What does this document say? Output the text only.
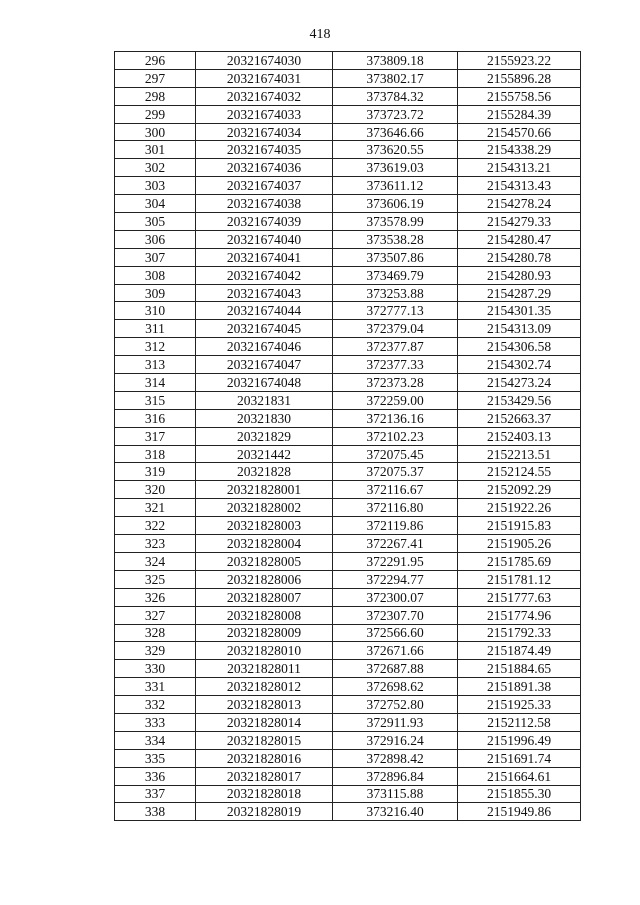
418
296	20321674030	373809.18	2155923.22
297	20321674031	373802.17	2155896.28
298	20321674032	373784.32	2155758.56
299	20321674033	373723.72	2155284.39
300	20321674034	373646.66	2154570.66
301	20321674035	373620.55	2154338.29
302	20321674036	373619.03	2154313.21
303	20321674037	373611.12	2154313.43
304	20321674038	373606.19	2154278.24
305	20321674039	373578.99	2154279.33
306	20321674040	373538.28	2154280.47
307	20321674041	373507.86	2154280.78
308	20321674042	373469.79	2154280.93
309	20321674043	373253.88	2154287.29
310	20321674044	372777.13	2154301.35
311	20321674045	372379.04	2154313.09
312	20321674046	372377.87	2154306.58
313	20321674047	372377.33	2154302.74
314	20321674048	372373.28	2154273.24
315	20321831	372259.00	2153429.56
316	20321830	372136.16	2152663.37
317	20321829	372102.23	2152403.13
318	20321442	372075.45	2152213.51
319	20321828	372075.37	2152124.55
320	20321828001	372116.67	2152092.29
321	20321828002	372116.80	2151922.26
322	20321828003	372119.86	2151915.83
323	20321828004	372267.41	2151905.26
324	20321828005	372291.95	2151785.69
325	20321828006	372294.77	2151781.12
326	20321828007	372300.07	2151777.63
327	20321828008	372307.70	2151774.96
328	20321828009	372566.60	2151792.33
329	20321828010	372671.66	2151874.49
330	20321828011	372687.88	2151884.65
331	20321828012	372698.62	2151891.38
332	20321828013	372752.80	2151925.33
333	20321828014	372911.93	2152112.58
334	20321828015	372916.24	2151996.49
335	20321828016	372898.42	2151691.74
336	20321828017	372896.84	2151664.61
337	20321828018	373115.88	2151855.30
338	20321828019	373216.40	2151949.86
